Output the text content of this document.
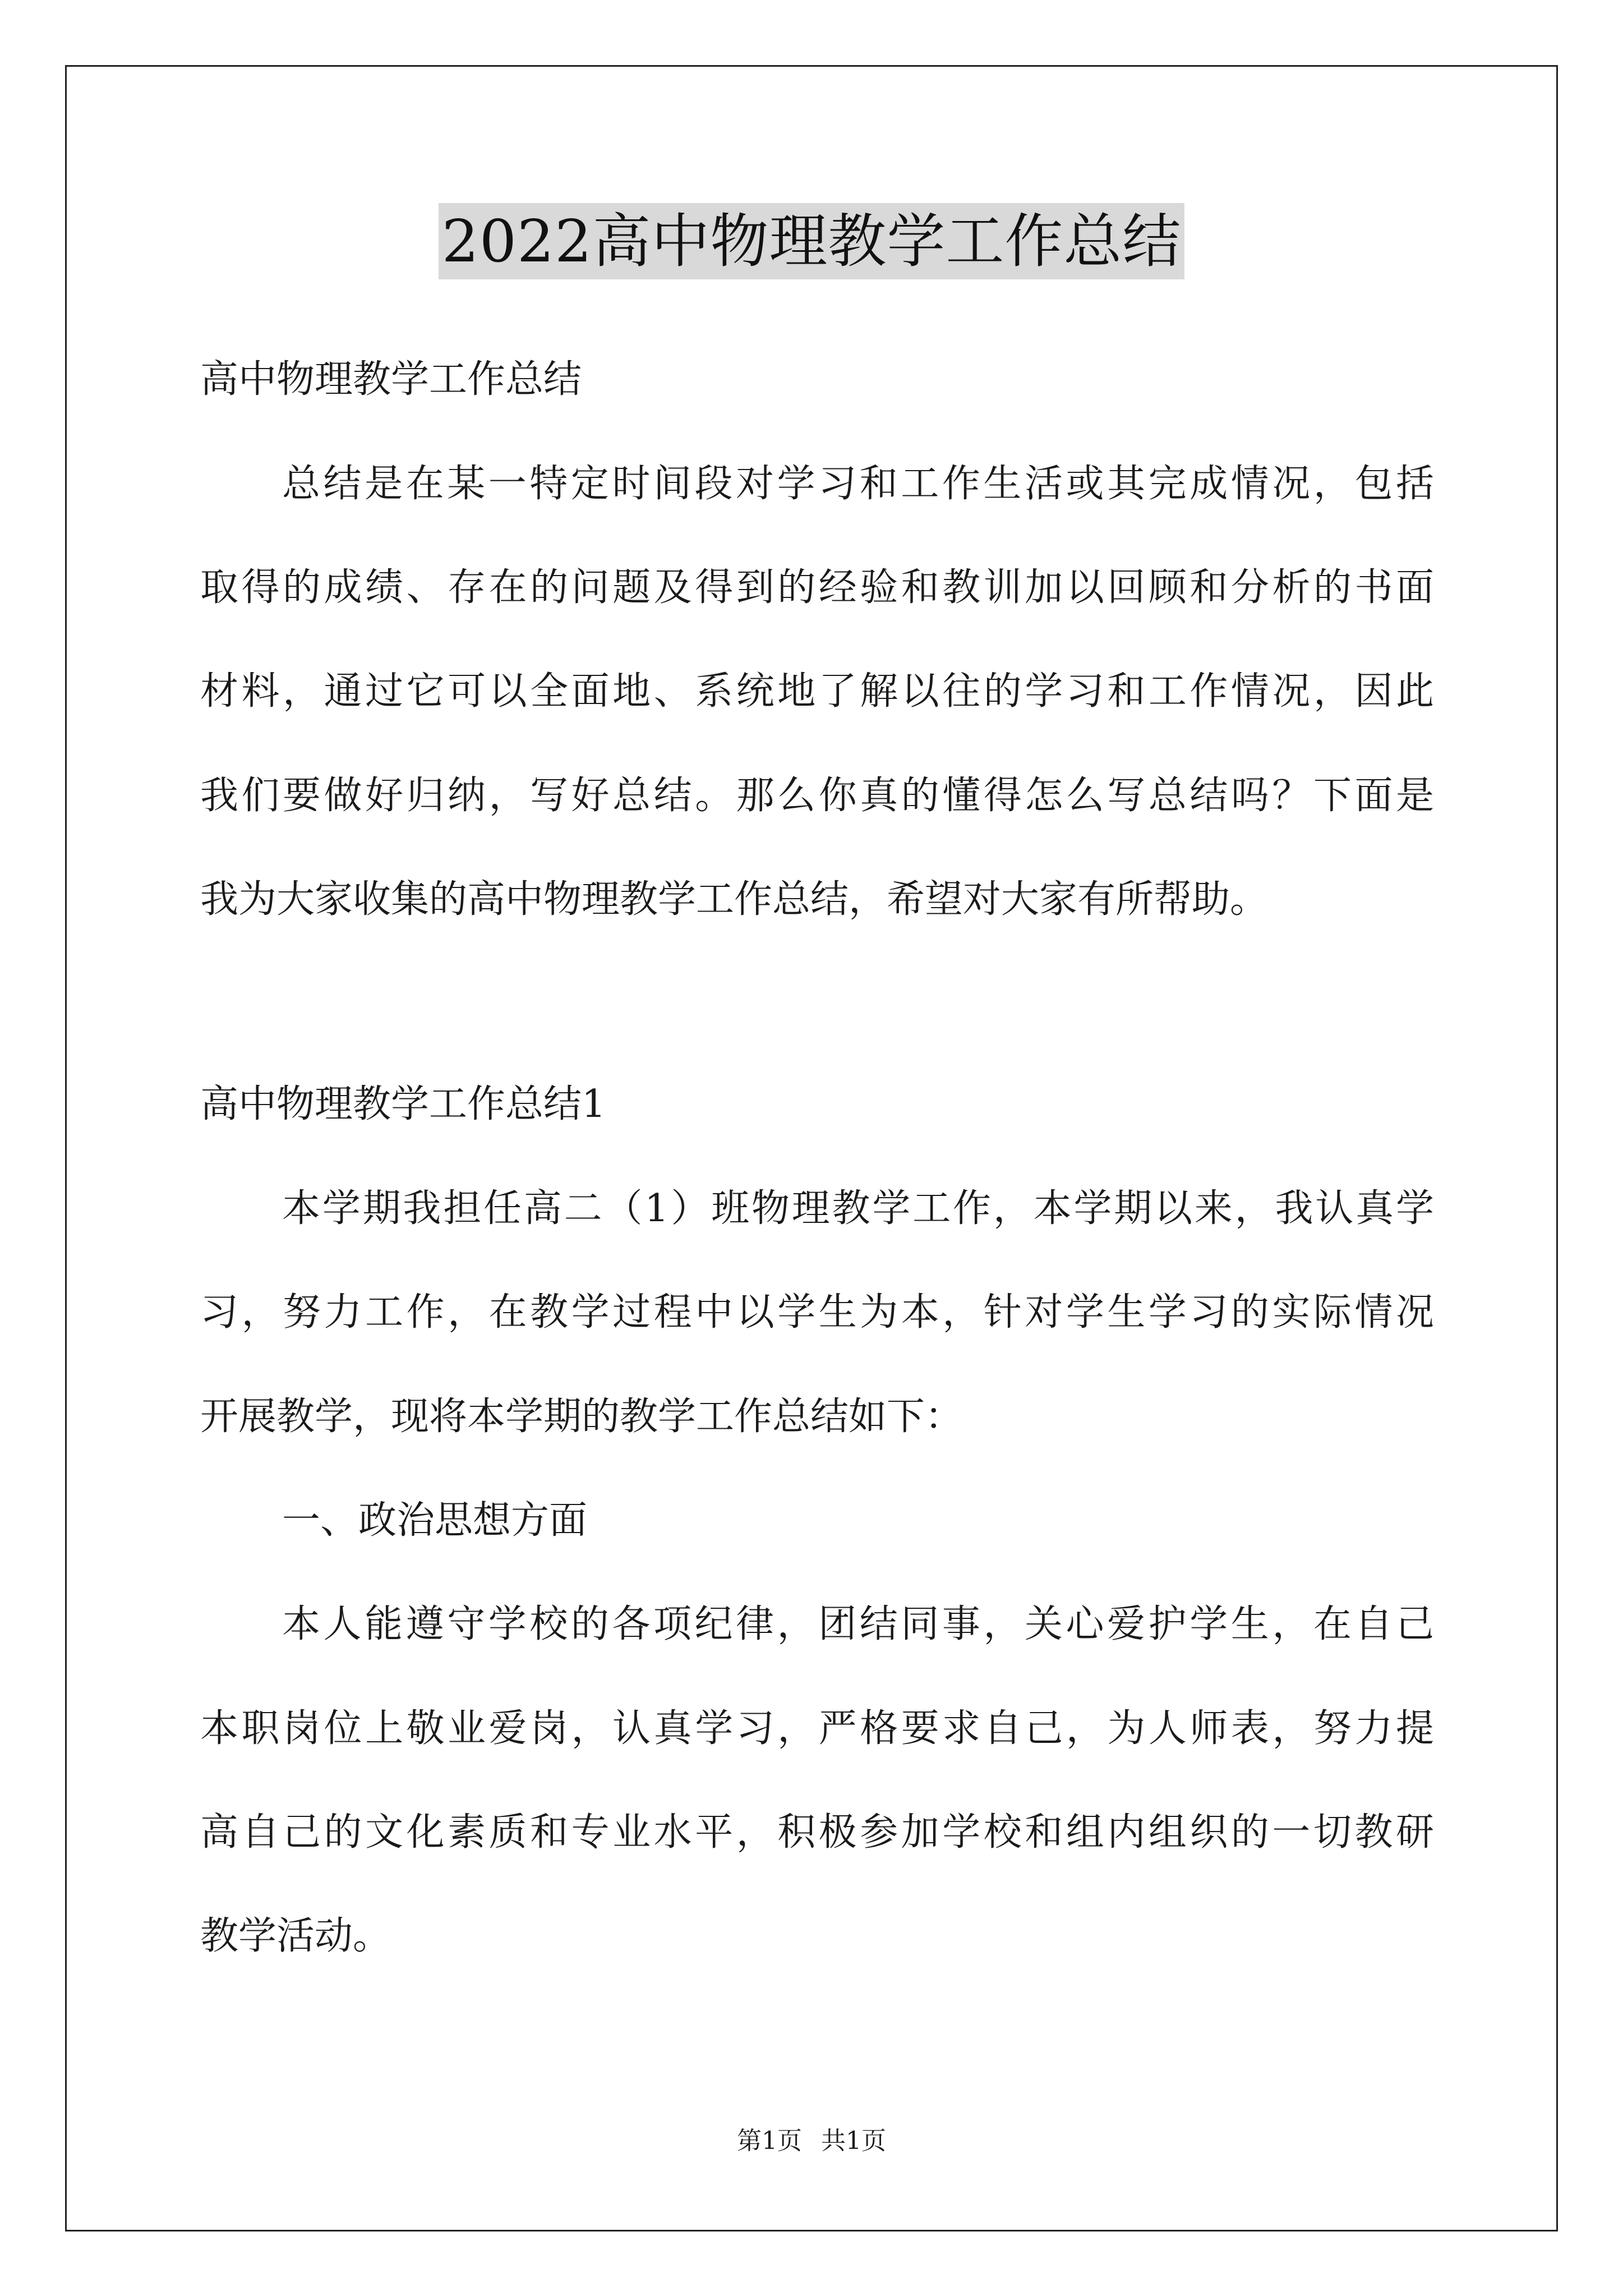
2022高中物理教学工作总结
高中物理教学工作总结
总结是在某一特定时间段对学习和工作生活或其完成情况，包括
取得的成绩、存在的问题及得到的经验和教训加以回顾和分析的书面
材料，通过它可以全面地、系统地了解以往的学习和工作情况，因此
我们要做好归纳，写好总结。那么你真的懂得怎么写总结吗？下面是
我为大家收集的高中物理教学工作总结，希望对大家有所帮助。
高中物理教学工作总结1
本学期我担任高二（1）班物理教学工作，本学期以来，我认真学
习，努力工作，在教学过程中以学生为本，针对学生学习的实际情况
开展教学，现将本学期的教学工作总结如下：
一、政治思想方面
本人能遵守学校的各项纪律，团结同事，关心爱护学生，在自己
本职岗位上敬业爱岗，认真学习，严格要求自己，为人师表，努力提
高自己的文化素质和专业水平，积极参加学校和组内组织的一切教研
教学活动。
第1页 共1页
